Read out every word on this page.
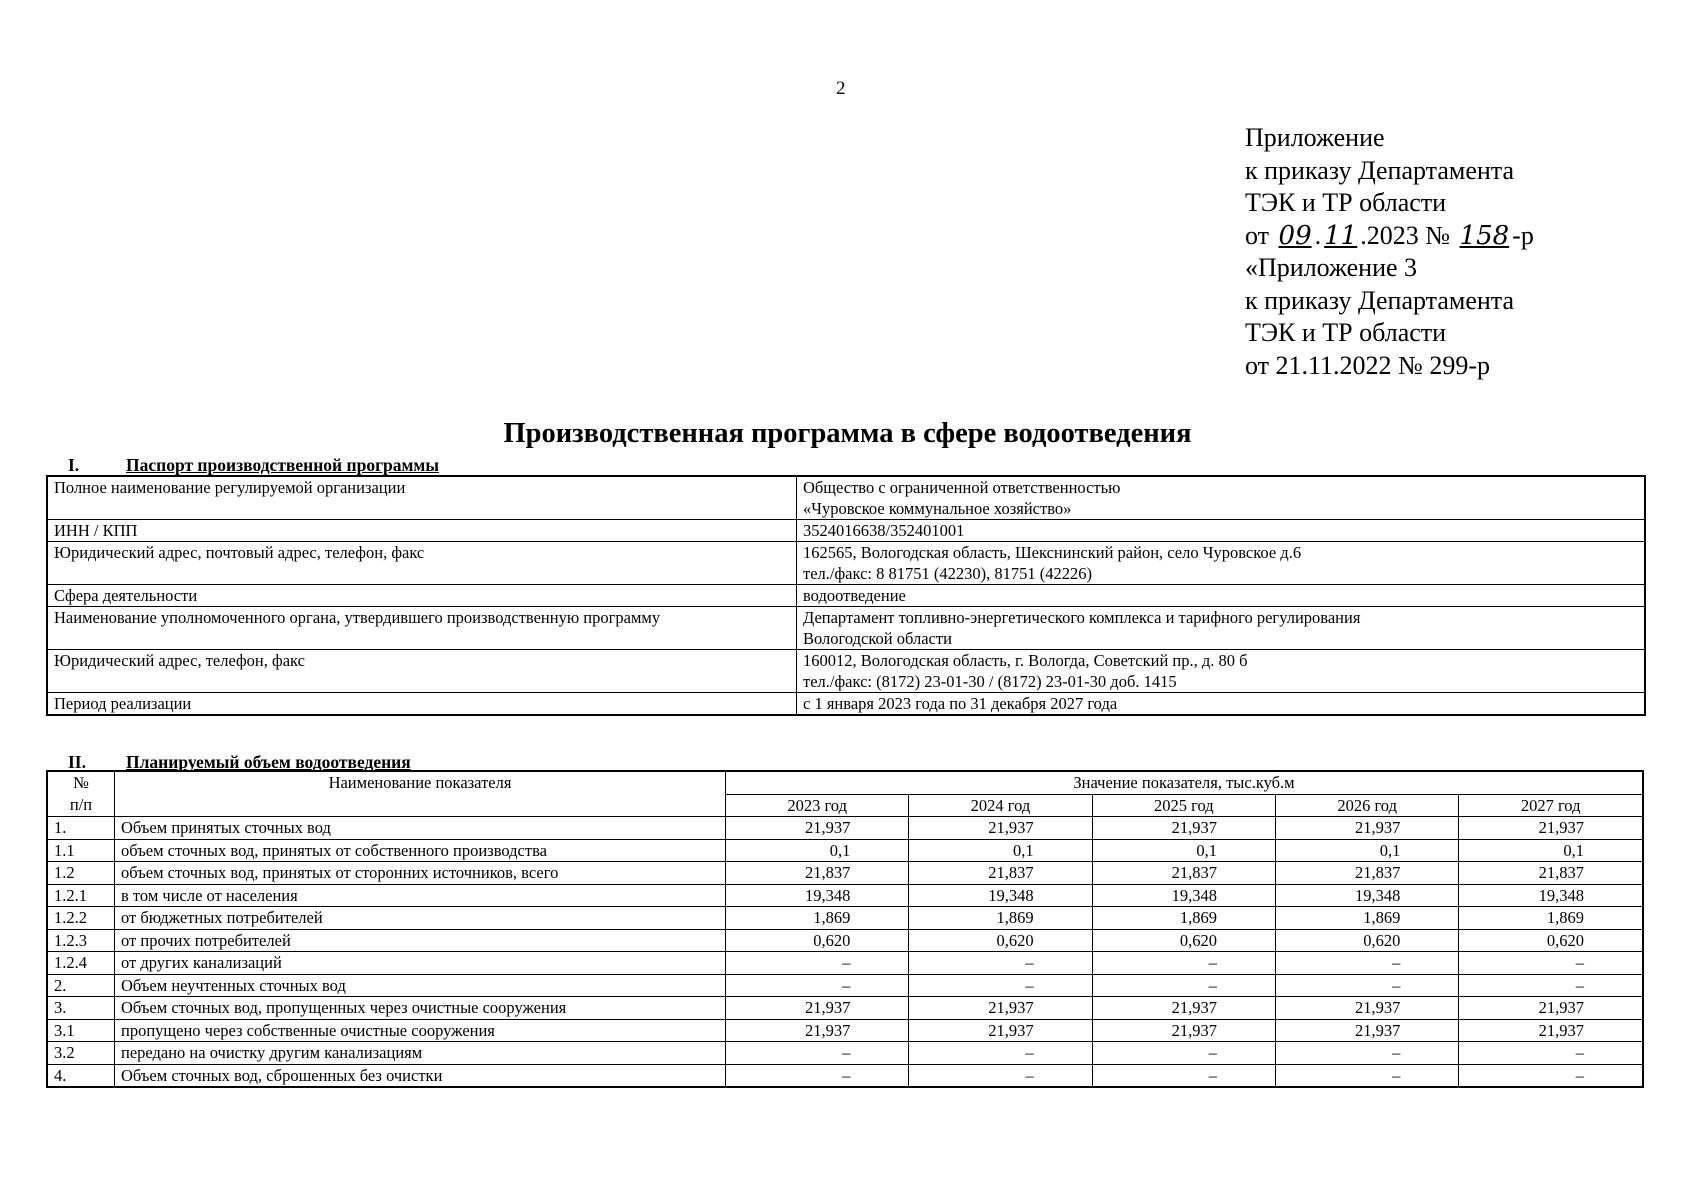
2
Приложение
к приказу Департамента
ТЭК и ТР области
от 09 . 11 .2023 № 158 -р
«Приложение 3
к приказу Департамента
ТЭК и ТР области
от 21.11.2022 № 299-р
Производственная программа в сфере водоотведения
I.	Паспорт производственной программы
Полное наименование регулируемой организации	Общество с ограниченной ответственностью
«Чуровское коммунальное хозяйство»

ИНН / КПП	3524016638/352401001

Юридический адрес, почтовый адрес, телефон, факс	162565, Вологодская область, Шекснинский район, село Чуровское д.6
тел./факс: 8 81751 (42230), 81751 (42226)

Сфера деятельности	водоотведение

Наименование уполномоченного органа, утвердившего производственную программу	Департамент топливно-энергетического комплекса и тарифного регулирования
Вологодской области

Юридический адрес, телефон, факс	160012, Вологодская область, г. Вологда, Советский пр., д. 80 б
тел./факс: (8172) 23-01-30 / (8172) 23-01-30 доб. 1415

Период реализации	с 1 января 2023 года по 31 декабря 2027 года
II. Планируемый объем водоотведения
№
п/п	Наименование показателя	Значение показателя, тыс.куб.м				
		2023 год	2024 год	2025 год	2026 год	2027 год
1.	Объем принятых сточных вод	21,937	21,937	21,937	21,937	21,937
1.1	объем сточных вод, принятых от собственного производства	0,1	0,1	0,1	0,1	0,1
1.2	объем сточных вод, принятых от сторонних источников, всего	21,837	21,837	21,837	21,837	21,837
1.2.1	в том числе от населения	19,348	19,348	19,348	19,348	19,348
1.2.2	от бюджетных потребителей	1,869	1,869	1,869	1,869	1,869
1.2.3	от прочих потребителей	0,620	0,620	0,620	0,620	0,620
1.2.4	от других канализаций	–	–	–	–	–
2.	Объем неучтенных сточных вод	–	–	–	–	–
3.	Объем сточных вод, пропущенных через очистные сооружения	21,937	21,937	21,937	21,937	21,937
3.1	пропущено через собственные очистные сооружения	21,937	21,937	21,937	21,937	21,937
3.2	передано на очистку другим канализациям	–	–	–	–	–
4.	Объем сточных вод, сброшенных без очистки	–	–	–	–	–
